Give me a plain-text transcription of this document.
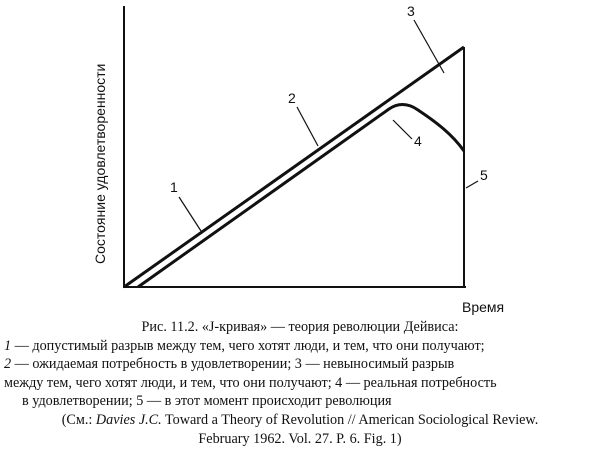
1
2
3
4
5
Состояние удовлетворенности
Время
Рис. 11.2. «J-кривая» — теория революции Дейвиса:
1 — допустимый разрыв между тем, чего хотят люди, и тем, что они получают;
2 — ожидаемая потребность в удовлетворении; 3 — невыносимый разрыв
между тем, чего хотят люди, и тем, что они получают; 4 — реальная потребность
в удовлетворении; 5 — в этот момент происходит революция
(См.: Davies J.C. Toward a Theory of Revolution // American Sociological Review.
February 1962. Vol. 27. P. 6. Fig. 1)
